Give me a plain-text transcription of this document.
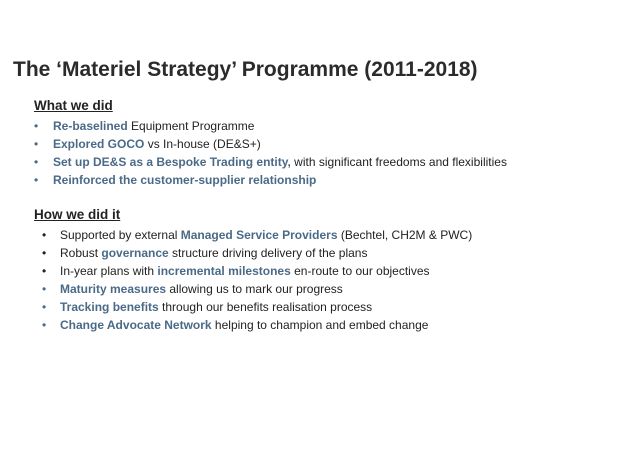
The ‘Materiel Strategy’ Programme (2011-2018)
What we did
• Re-baselined Equipment Programme
• Explored GOCO vs In-house (DE&S+)
• Set up DE&S as a Bespoke Trading entity, with significant freedoms and flexibilities
• Reinforced the customer-supplier relationship
How we did it
• Supported by external Managed Service Providers (Bechtel, CH2M & PWC)
• Robust governance structure driving delivery of the plans
• In-year plans with incremental milestones en-route to our objectives
• Maturity measures allowing us to mark our progress
• Tracking benefits through our benefits realisation process
• Change Advocate Network helping to champion and embed change
